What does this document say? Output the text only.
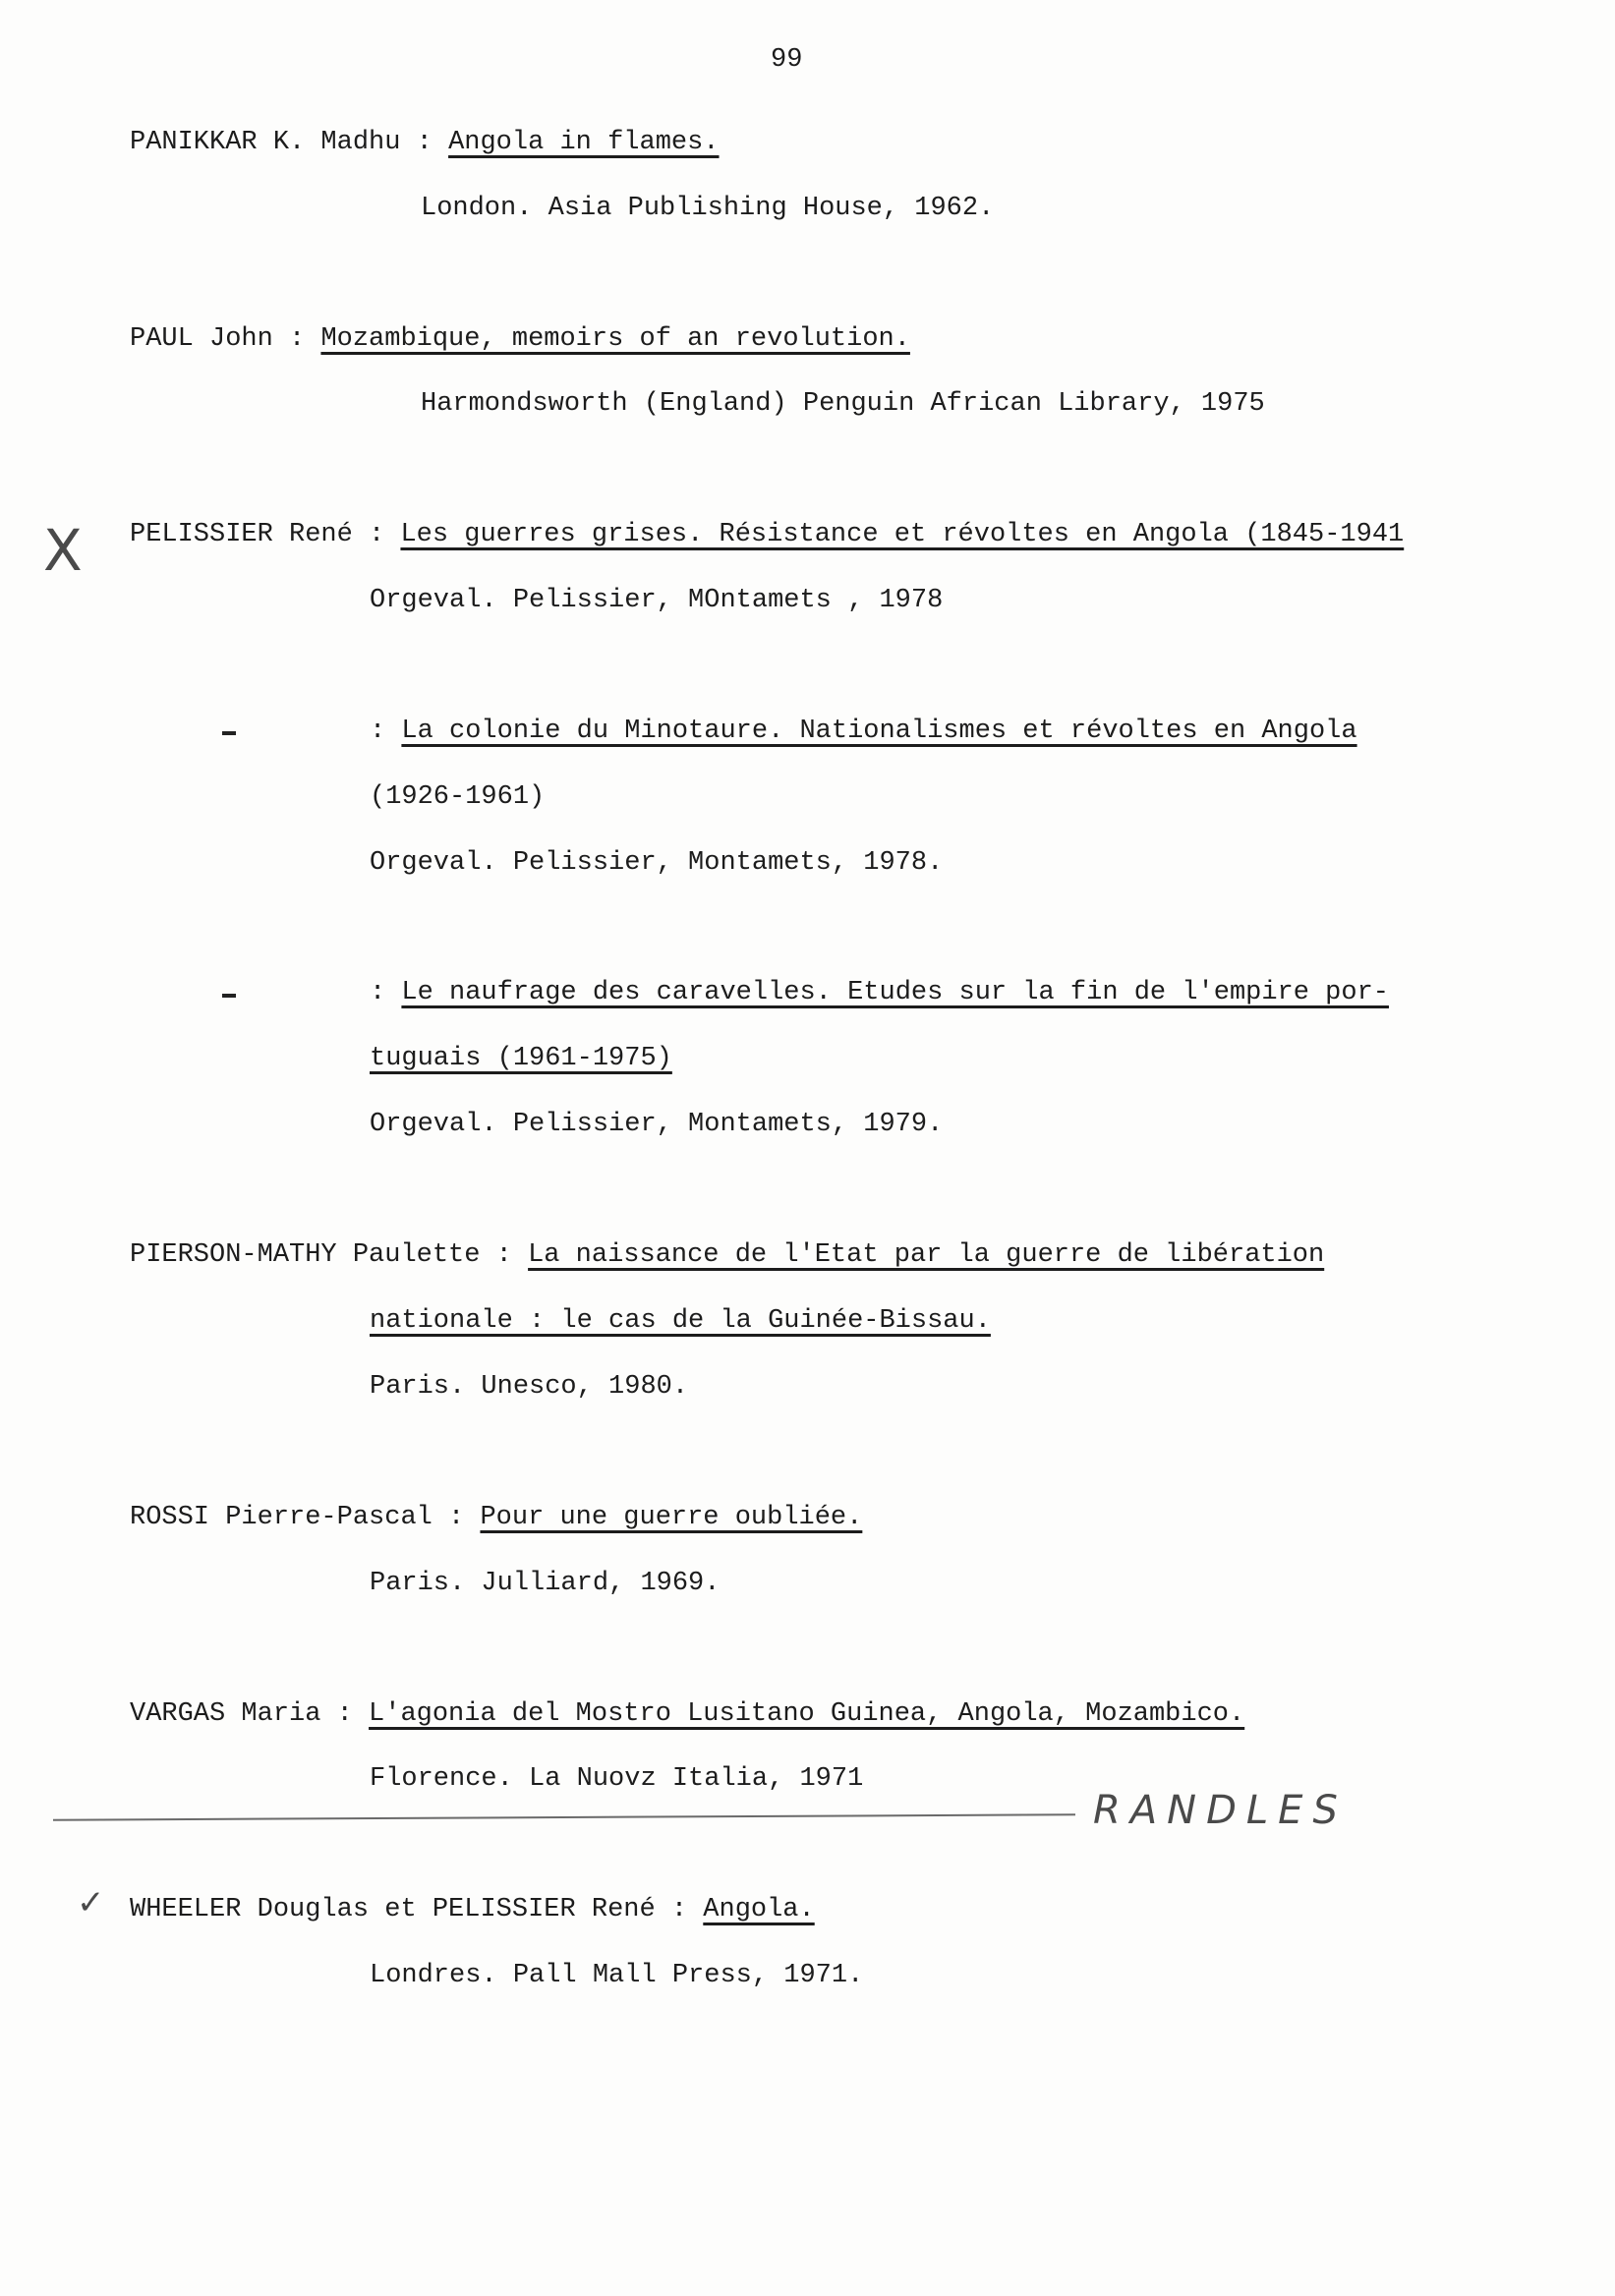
99
PANIKKAR K. Madhu : Angola in flames.
London. Asia Publishing House, 1962.
PAUL John : Mozambique, memoirs of an revolution.
Harmondsworth (England) Penguin African Library, 1975
X PELISSIER René : Les guerres grises. Résistance et révoltes en Angola (1845-1941
Orgeval. Pelissier, MOntamets , 1978
: La colonie du Minotaure. Nationalismes et révoltes en Angola
(1926-1961)
Orgeval. Pelissier, Montamets, 1978.
: Le naufrage des caravelles. Etudes sur la fin de l'empire por-
tuguais (1961-1975)
Orgeval. Pelissier, Montamets, 1979.
PIERSON-MATHY Paulette : La naissance de l'Etat par la guerre de libération
nationale : le cas de la Guinée-Bissau.
Paris. Unesco, 1980.
ROSSI Pierre-Pascal : Pour une guerre oubliée.
Paris. Julliard, 1969.
VARGAS Maria : L'agonia del Mostro Lusitano Guinea, Angola, Mozambico.
Florence. La Nuovz Italia, 1971
RANDLES
✓ WHEELER Douglas et PELISSIER René : Angola.
Londres. Pall Mall Press, 1971.
